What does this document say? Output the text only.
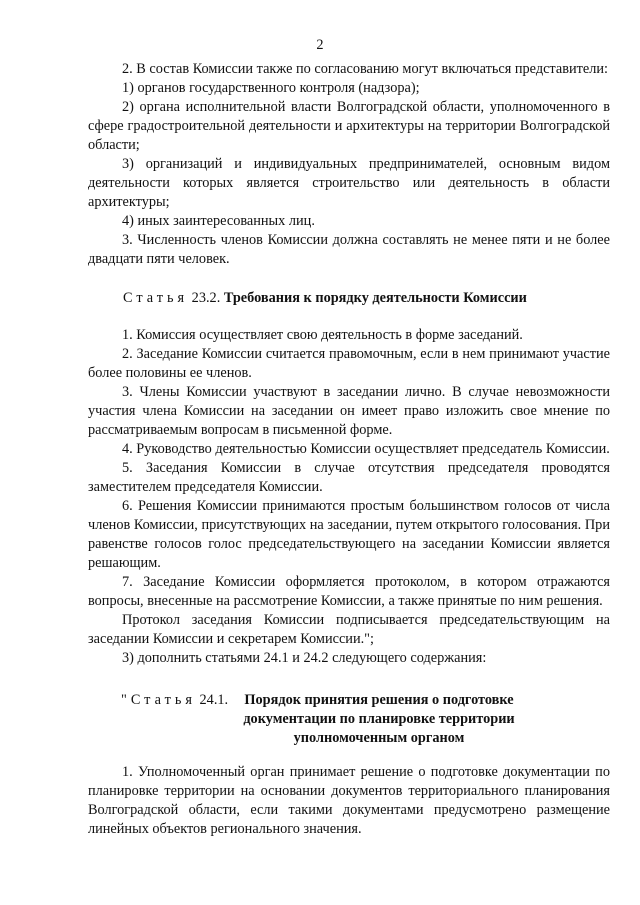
2

2. В состав Комиссии также по согласованию могут включаться представители:

1) органов государственного контроля (надзора);

2) органа исполнительной власти Волгоградской области, уполномоченного в сфере градостроительной деятельности и архитектуры на территории Волгоградской области;

3) организаций и индивидуальных предпринимателей, основным видом деятельности которых является строительство или деятельность в области архитектуры;

4) иных заинтересованных лиц.

3. Численность членов Комиссии должна составлять не менее пяти и не более двадцати пяти человек.

Статья 23.2. Требования к порядку деятельности Комиссии

1. Комиссия осуществляет свою деятельность в форме заседаний.

2. Заседание Комиссии считается правомочным, если в нем принимают участие более половины ее членов.

3. Члены Комиссии участвуют в заседании лично. В случае невозможности участия члена Комиссии на заседании он имеет право изложить свое мнение по рассматриваемым вопросам в письменной форме.

4. Руководство деятельностью Комиссии осуществляет председатель Комиссии.

5. Заседания Комиссии в случае отсутствия председателя проводятся заместителем председателя Комиссии.

6. Решения Комиссии принимаются простым большинством голосов от числа членов Комиссии, присутствующих на заседании, путем открытого голосования. При равенстве голосов голос председательствующего на заседании Комиссии является решающим.

7. Заседание Комиссии оформляется протоколом, в котором отражаются вопросы, внесенные на рассмотрение Комиссии, а также принятые по ним решения.

Протокол заседания Комиссии подписывается председательствующим на заседании Комиссии и секретарем Комиссии.";

3) дополнить статьями 24.1 и 24.2 следующего содержания:

"Статья 24.1.	Порядок принятия решения о подготовке
документации по планировке территории
уполномоченным органом

1. Уполномоченный орган принимает решение о подготовке документации по планировке территории на основании документов территориального планирования Волгоградской области, если такими документами предусмотрено размещение линейных объектов регионального значения.
